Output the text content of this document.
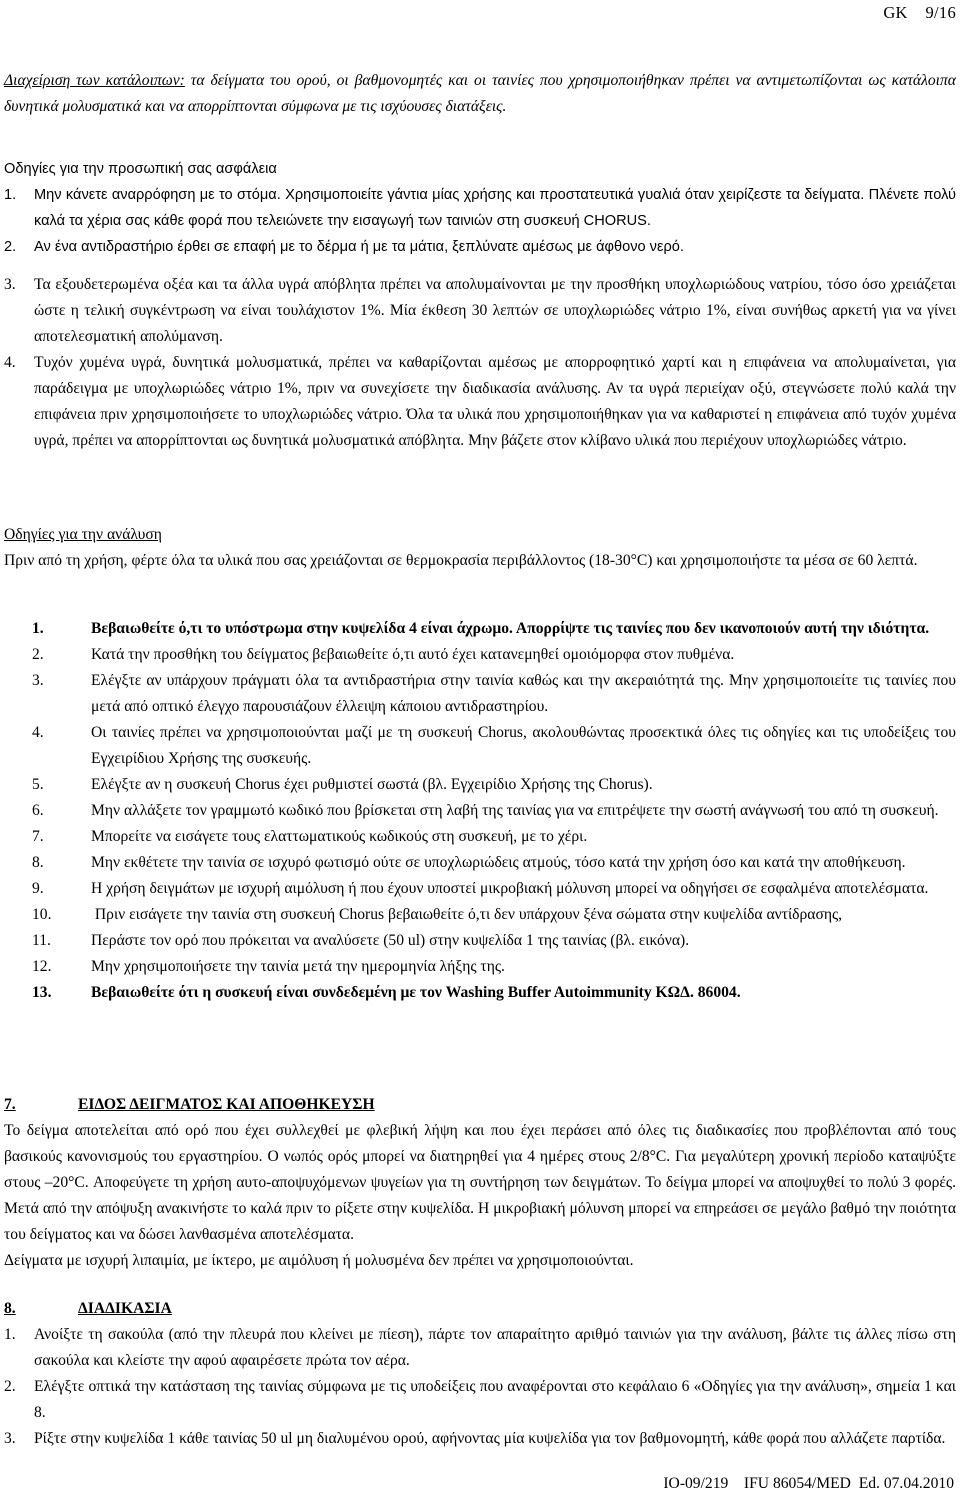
GK    9/16

Διαχείριση των κατάλοιπων: τα δείγματα του ορού, οι βαθμονομητές και οι ταινίες που χρησιμοποιήθηκαν πρέπει να αντιμετωπίζονται ως κατάλοιπα δυνητικά μολυσματικά και να απορρίπτονται σύμφωνα με τις ισχύουσες διατάξεις.

Οδηγίες για την προσωπική σας ασφάλεια

1.	Μην κάνετε αναρρόφηση με το στόμα. Χρησιμοποιείτε γάντια μίας χρήσης και προστατευτικά γυαλιά όταν χειρίζεστε τα δείγματα. Πλένετε πολύ καλά τα χέρια σας κάθε φορά που τελειώνετε την εισαγωγή των ταινιών στη συσκευή CHORUS.
2.	Αν ένα αντιδραστήριο έρθει σε επαφή με το δέρμα ή με τα μάτια, ξεπλύνατε αμέσως με άφθονο νερό.
3.	Τα εξουδετερωμένα οξέα και τα άλλα υγρά απόβλητα πρέπει να απολυμαίνονται με την προσθήκη υποχλωριώδους νατρίου, τόσο όσο χρειάζεται ώστε η τελική συγκέντρωση να είναι τουλάχιστον 1%. Μία έκθεση 30 λεπτών σε υποχλωριώδες νάτριο 1%, είναι συνήθως αρκετή για να γίνει αποτελεσματική απολύμανση.
4.	Τυχόν χυμένα υγρά, δυνητικά μολυσματικά, πρέπει να καθαρίζονται αμέσως με απορροφητικό χαρτί και η επιφάνεια να απολυμαίνεται, για παράδειγμα με υποχλωριώδες νάτριο 1%, πριν να συνεχίσετε την διαδικασία ανάλυσης. Αν τα υγρά περιείχαν οξύ, στεγνώσετε πολύ καλά την επιφάνεια πριν χρησιμοποιήσετε το υποχλωριώδες νάτριο. Όλα τα υλικά που χρησιμοποιήθηκαν για να καθαριστεί η επιφάνεια από τυχόν χυμένα υγρά, πρέπει να απορρίπτονται ως δυνητικά μολυσματικά απόβλητα. Μην βάζετε στον κλίβανο υλικά που περιέχουν υποχλωριώδες νάτριο.

Οδηγίες για την ανάλυση

Πριν από τη χρήση, φέρτε όλα τα υλικά που σας χρειάζονται σε θερμοκρασία περιβάλλοντος (18-30°C) και χρησιμοποιήστε τα μέσα σε 60 λεπτά.

1.	Βεβαιωθείτε ό,τι το υπόστρωμα στην κυψελίδα 4 είναι άχρωμο. Απορρίψτε τις ταινίες που δεν ικανοποιούν αυτή την ιδιότητα.
2.	Κατά την προσθήκη του δείγματος βεβαιωθείτε ό,τι αυτό έχει κατανεμηθεί ομοιόμορφα στον πυθμένα.
3.	Ελέγξτε αν υπάρχουν πράγματι όλα τα αντιδραστήρια στην ταινία καθώς και την ακεραιότητά της. Μην χρησιμοποιείτε τις ταινίες που μετά από οπτικό έλεγχο παρουσιάζουν έλλειψη κάποιου αντιδραστηρίου.
4.	Οι ταινίες πρέπει να χρησιμοποιούνται μαζί με τη συσκευή Chorus, ακολουθώντας προσεκτικά όλες τις οδηγίες και τις υποδείξεις του Εγχειρίδιου Χρήσης της συσκευής.
5.	Ελέγξτε αν η συσκευή Chorus έχει ρυθμιστεί σωστά (βλ. Εγχειρίδιο Χρήσης της Chorus).
6.	Μην αλλάξετε τον γραμμωτό κωδικό που βρίσκεται στη λαβή της ταινίας για να επιτρέψετε την σωστή ανάγνωσή του από τη συσκευή.
7.	Μπορείτε να εισάγετε τους ελαττωματικούς κωδικούς στη συσκευή, με το χέρι.
8.	Μην εκθέτετε την ταινία σε ισχυρό φωτισμό ούτε σε υποχλωριώδεις ατμούς, τόσο κατά την χρήση όσο και κατά την αποθήκευση.
9.	Η χρήση δειγμάτων με ισχυρή αιμόλυση ή που έχουν υποστεί μικροβιακή μόλυνση μπορεί να οδηγήσει σε εσφαλμένα αποτελέσματα.
10.	Πριν εισάγετε την ταινία στη συσκευή Chorus βεβαιωθείτε ό,τι δεν υπάρχουν ξένα σώματα στην κυψελίδα αντίδρασης,
11.	Περάστε τον ορό που πρόκειται να αναλύσετε (50 ul) στην κυψελίδα 1 της ταινίας (βλ. εικόνα).
12.	Μην χρησιμοποιήσετε την ταινία μετά την ημερομηνία λήξης της.
13.	Βεβαιωθείτε ότι η συσκευή είναι συνδεδεμένη με τον Washing Buffer Autoimmunity ΚΩΔ. 86004.
7.	ΕΙΔΟΣ ΔΕΙΓΜΑΤΟΣ ΚΑΙ ΑΠΟΘΗΚΕΥΣΗ

Το δείγμα αποτελείται από ορό που έχει συλλεχθεί με φλεβική λήψη και που έχει περάσει από όλες τις διαδικασίες που προβλέπονται από τους βασικούς κανονισμούς του εργαστηρίου. Ο νωπός ορός μπορεί να διατηρηθεί για 4 ημέρες στους 2/8°C. Για μεγαλύτερη χρονική περίοδο καταψύξτε στους –20°C. Αποφεύγετε τη χρήση αυτο-αποψυχόμενων ψυγείων για τη συντήρηση των δειγμάτων. Το δείγμα μπορεί να αποψυχθεί το πολύ 3 φορές. Μετά από την απόψυξη ανακινήστε το καλά πριν το ρίξετε στην κυψελίδα. Η μικροβιακή μόλυνση μπορεί να επηρεάσει σε μεγάλο βαθμό την ποιότητα του δείγματος και να δώσει λανθασμένα αποτελέσματα.

Δείγματα με ισχυρή λιπαιμία, με ίκτερο, με αιμόλυση ή μολυσμένα δεν πρέπει να χρησιμοποιούνται.

8.	ΔΙΑΔΙΚΑΣΙΑ
1.	Ανοίξτε τη σακούλα (από την πλευρά που κλείνει με πίεση), πάρτε τον απαραίτητο αριθμό ταινιών για την ανάλυση, βάλτε τις άλλες πίσω στη σακούλα και κλείστε την αφού αφαιρέσετε πρώτα τον αέρα.
2.	Ελέγξτε οπτικά την κατάσταση της ταινίας σύμφωνα με τις υποδείξεις που αναφέρονται στο κεφάλαιο 6 «Οδηγίες για την ανάλυση», σημεία 1 και 8.
3.	Ρίξτε στην κυψελίδα 1 κάθε ταινίας 50 ul μη διαλυμένου ορού, αφήνοντας μία κυψελίδα για τον βαθμονομητή, κάθε φορά που αλλάζετε παρτίδα.
IO-09/219    IFU 86054/MED  Ed. 07.04.2010
